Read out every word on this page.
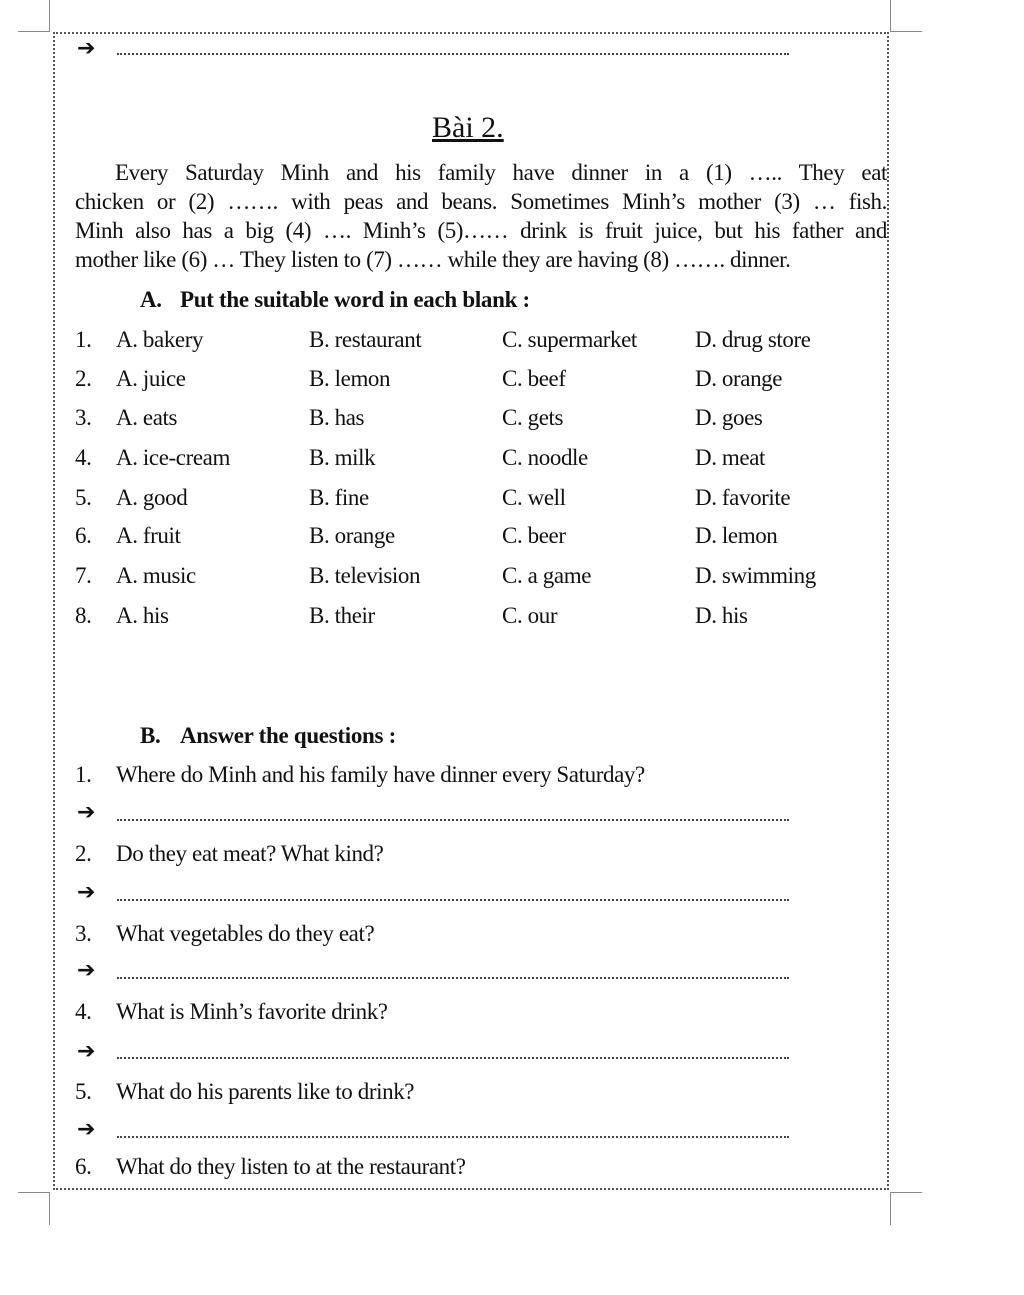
➔
Bài 2.
Every Saturday Minh and his family have dinner in a (1) ….. They eat
chicken or (2) ……. with peas and beans. Sometimes Minh’s mother (3) … fish.
Minh also has a big (4) …. Minh’s (5)…… drink is fruit juice, but his father and
mother like (6) … They listen to (7) …… while they are having (8) ……. dinner.
A. Put the suitable word in each blank :
1. A. bakery	B. restaurant	C. supermarket	D. drug store
2. A. juice	B. lemon	C. beef	D. orange
3. A. eats	B. has	C. gets	D. goes
4. A. ice-cream	B. milk	C. noodle	D. meat
5. A. good	B. fine	C. well	D. favorite
6. A. fruit	B. orange	C. beer	D. lemon
7. A. music	B. television	C. a game	D. swimming
8. A. his	B. their	C. our	D. his
B. Answer the questions :
1. Where do Minh and his family have dinner every Saturday?
➔
2. Do they eat meat? What kind?
➔
3. What vegetables do they eat?
➔
4. What is Minh’s favorite drink?
➔
5. What do his parents like to drink?
➔
6. What do they listen to at the restaurant?
